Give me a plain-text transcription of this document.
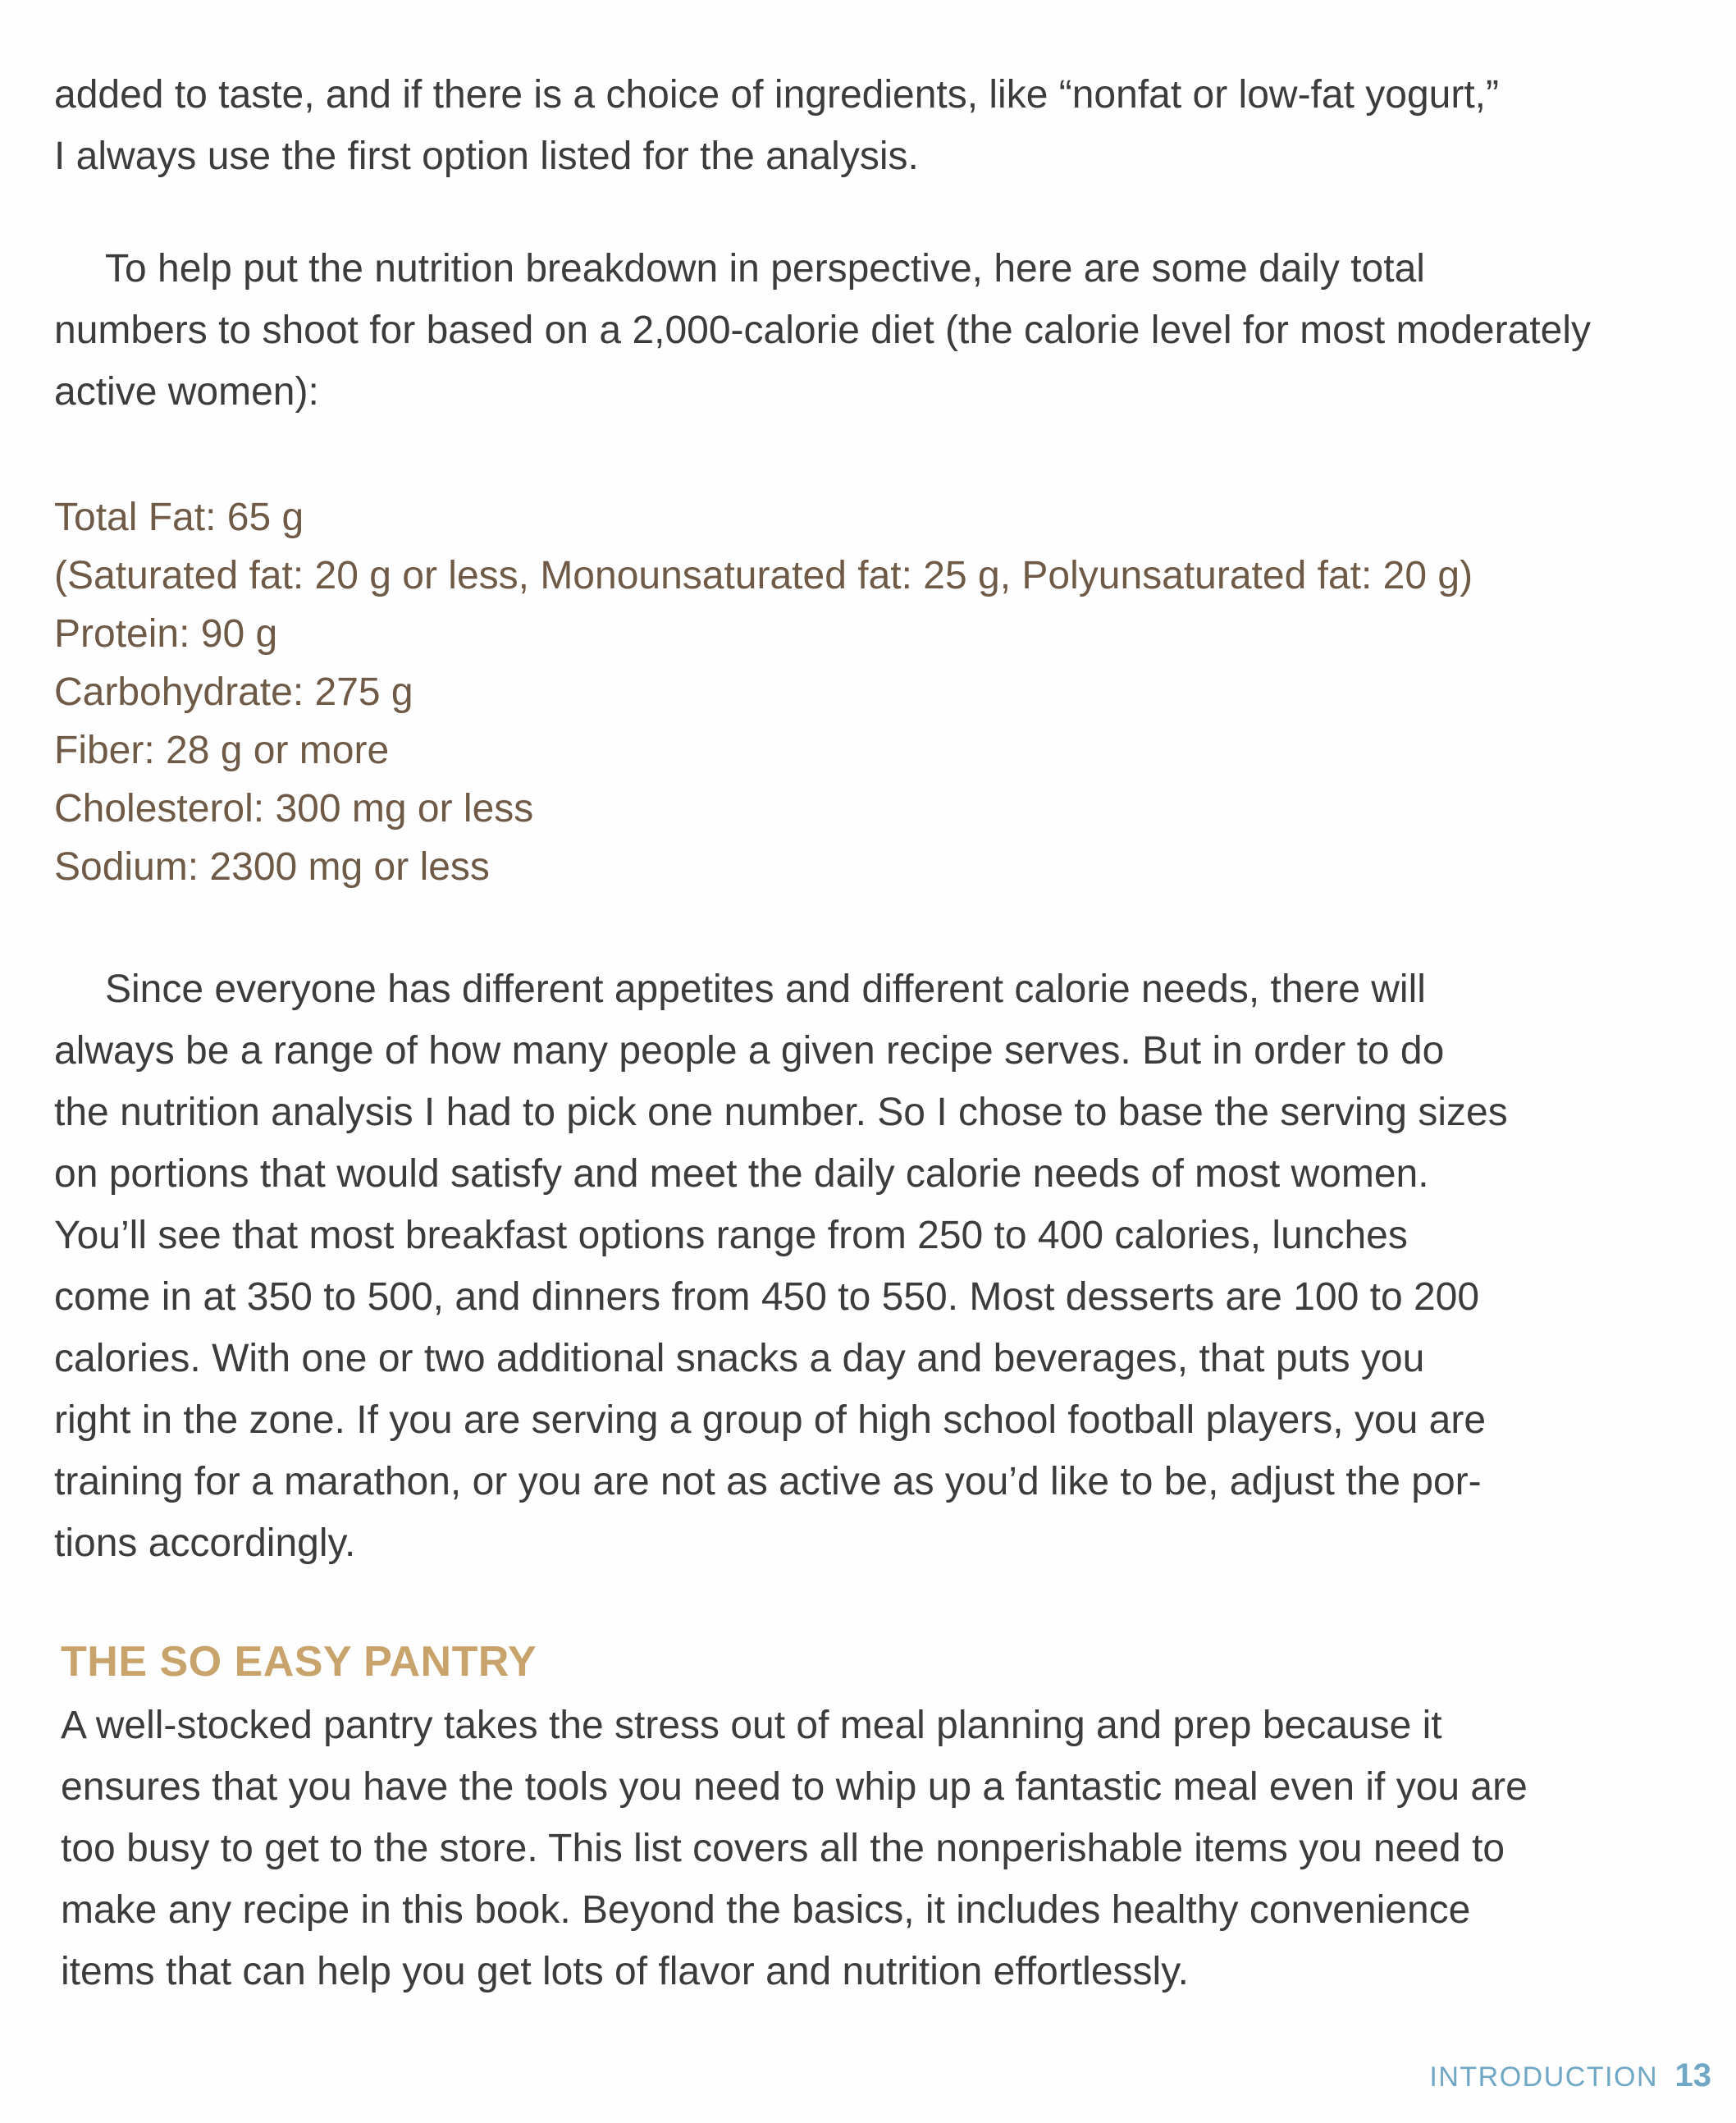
added to taste, and if there is a choice of ingredients, like “nonfat or low-fat yogurt,”
I always use the first option listed for the analysis.

To help put the nutrition breakdown in perspective, here are some daily total
numbers to shoot for based on a 2,000-calorie diet (the calorie level for most moderately
active women):

Total Fat: 65 g
(Saturated fat: 20 g or less, Monounsaturated fat: 25 g, Polyunsaturated fat: 20 g)
Protein: 90 g
Carbohydrate: 275 g
Fiber: 28 g or more
Cholesterol: 300 mg or less
Sodium: 2300 mg or less

Since everyone has different appetites and different calorie needs, there will
always be a range of how many people a given recipe serves. But in order to do
the nutrition analysis I had to pick one number. So I chose to base the serving sizes
on portions that would satisfy and meet the daily calorie needs of most women.
You’ll see that most breakfast options range from 250 to 400 calories, lunches
come in at 350 to 500, and dinners from 450 to 550. Most desserts are 100 to 200
calories. With one or two additional snacks a day and beverages, that puts you
right in the zone. If you are serving a group of high school football players, you are
training for a marathon, or you are not as active as you’d like to be, adjust the por-
tions accordingly.

THE SO EASY PANTRY

A well-stocked pantry takes the stress out of meal planning and prep because it
ensures that you have the tools you need to whip up a fantastic meal even if you are
too busy to get to the store. This list covers all the nonperishable items you need to
make any recipe in this book. Beyond the basics, it includes healthy convenience
items that can help you get lots of flavor and nutrition effortlessly.

INTRODUCTION 13
